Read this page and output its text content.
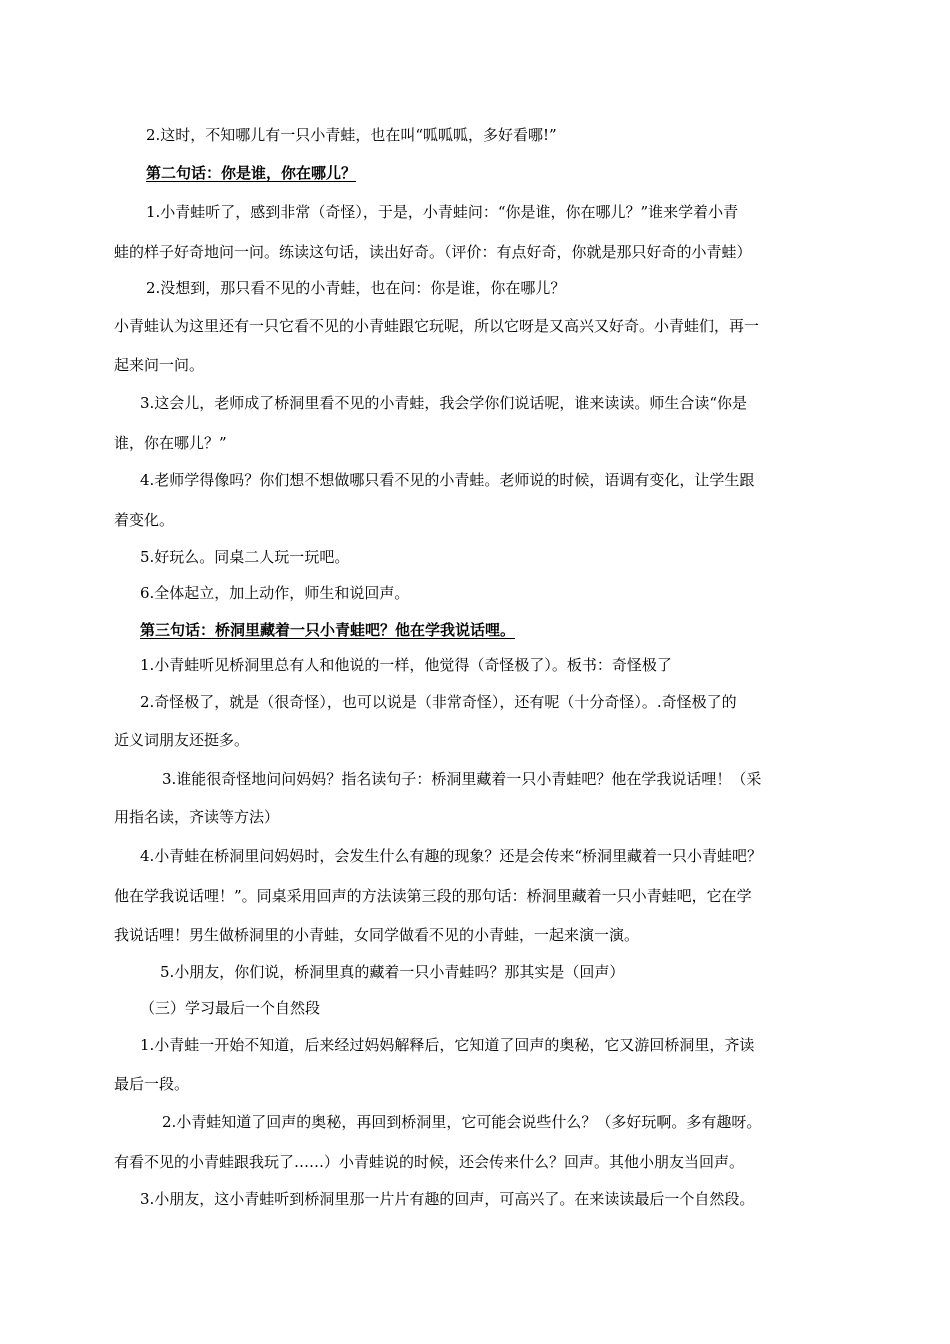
2.这时，不知哪儿有一只小青蛙，也在叫“呱呱呱，多好看哪!”
第二句话：你是谁，你在哪儿？
1.小青蛙听了，感到非常（奇怪），于是，小青蛙问：“你是谁，你在哪儿？”谁来学着小青
蛙的样子好奇地问一问。练读这句话，读出好奇。（评价：有点好奇，你就是那只好奇的小青蛙）
2.没想到，那只看不见的小青蛙，也在问：你是谁，你在哪儿？
小青蛙认为这里还有一只它看不见的小青蛙跟它玩呢，所以它呀是又高兴又好奇。小青蛙们，再一
起来问一问。
3.这会儿，老师成了桥洞里看不见的小青蛙，我会学你们说话呢，谁来读读。师生合读“你是
谁，你在哪儿？”
4.老师学得像吗？你们想不想做哪只看不见的小青蛙。老师说的时候，语调有变化，让学生跟
着变化。
5.好玩么。同桌二人玩一玩吧。
6.全体起立，加上动作，师生和说回声。
第三句话：桥洞里藏着一只小青蛙吧？他在学我说话哩。
1.小青蛙听见桥洞里总有人和他说的一样，他觉得（奇怪极了）。板书：奇怪极了
2.奇怪极了，就是（很奇怪），也可以说是（非常奇怪），还有呢（十分奇怪）。.奇怪极了的
近义词朋友还挺多。
3.谁能很奇怪地问问妈妈？指名读句子：桥洞里藏着一只小青蛙吧？他在学我说话哩！（采
用指名读，齐读等方法）
4.小青蛙在桥洞里问妈妈时，会发生什么有趣的现象？还是会传来“桥洞里藏着一只小青蛙吧？
他在学我说话哩！”。同桌采用回声的方法读第三段的那句话：桥洞里藏着一只小青蛙吧，它在学
我说话哩！男生做桥洞里的小青蛙，女同学做看不见的小青蛙，一起来演一演。
5.小朋友，你们说，桥洞里真的藏着一只小青蛙吗？那其实是（回声）
（三）学习最后一个自然段
1.小青蛙一开始不知道，后来经过妈妈解释后，它知道了回声的奥秘，它又游回桥洞里，齐读
最后一段。
2.小青蛙知道了回声的奥秘，再回到桥洞里，它可能会说些什么？（多好玩啊。多有趣呀。
有看不见的小青蛙跟我玩了……）小青蛙说的时候，还会传来什么？回声。其他小朋友当回声。
3.小朋友，这小青蛙听到桥洞里那一片片有趣的回声，可高兴了。在来读读最后一个自然段。
